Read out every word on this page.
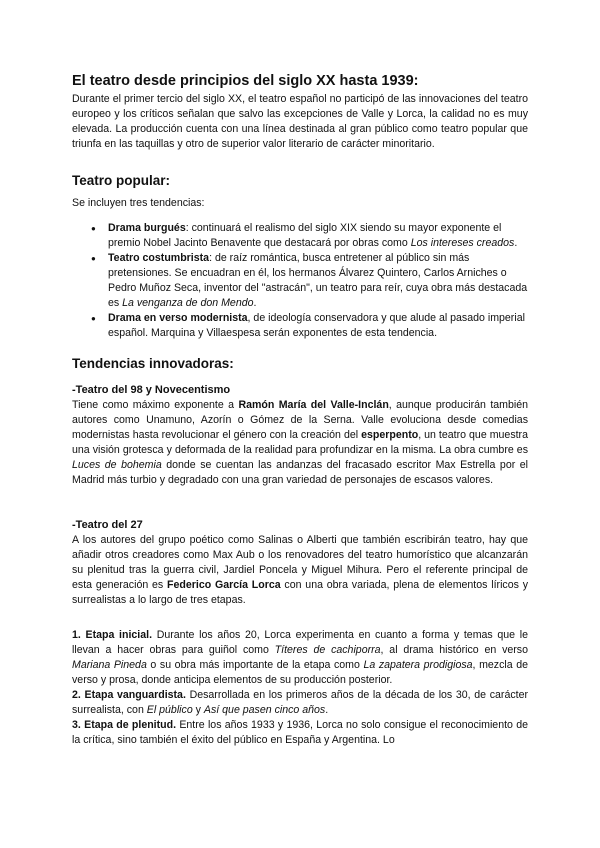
El teatro desde principios del siglo XX hasta 1939:

Durante el primer tercio del siglo XX, el teatro español no participó de las innovaciones del teatro europeo y los críticos señalan que salvo las excepciones de Valle y Lorca, la calidad no es muy elevada. La producción cuenta con una línea destinada al gran público como teatro popular que triunfa en las taquillas y otro de superior valor literario de carácter minoritario.

Teatro popular:

Se incluyen tres tendencias:

● Drama burgués: continuará el realismo del siglo XIX siendo su mayor exponente el premio Nobel Jacinto Benavente que destacará por obras como Los intereses creados.
● Teatro costumbrista: de raíz romántica, busca entretener al público sin más pretensiones. Se encuadran en él, los hermanos Álvarez Quintero, Carlos Arniches o Pedro Muñoz Seca, inventor del "astracán", un teatro para reír, cuya obra más destacada es La venganza de don Mendo.
● Drama en verso modernista, de ideología conservadora y que alude al pasado imperial español. Marquina y Villaespesa serán exponentes de esta tendencia.
Tendencias innovadoras:
-Teatro del 98 y Novecentismo

Tiene como máximo exponente a Ramón María del Valle-Inclán, aunque producirán también autores como Unamuno, Azorín o Gómez de la Serna. Valle evoluciona desde comedias modernistas hasta revolucionar el género con la creación del esperpento, un teatro que muestra una visión grotesca y deformada de la realidad para profundizar en la misma. La obra cumbre es Luces de bohemia donde se cuentan las andanzas del fracasado escritor Max Estrella por el Madrid más turbio y degradado con una gran variedad de personajes de escasos valores.

-Teatro del 27

A los autores del grupo poético como Salinas o Alberti que también escribirán teatro, hay que añadir otros creadores como Max Aub o los renovadores del teatro humorístico que alcanzarán su plenitud tras la guerra civil, Jardiel Poncela y Miguel Mihura. Pero el referente principal de esta generación es Federico García Lorca con una obra variada, plena de elementos líricos y surrealistas a lo largo de tres etapas.

1. Etapa inicial. Durante los años 20, Lorca experimenta en cuanto a forma y temas que le llevan a hacer obras para guiñol como Títeres de cachiporra, al drama histórico en verso Mariana Pineda o su obra más importante de la etapa como La zapatera prodigiosa, mezcla de verso y prosa, donde anticipa elementos de su producción posterior.

2. Etapa vanguardista. Desarrollada en los primeros años de la década de los 30, de carácter surrealista, con El público y Así que pasen cinco años.

3. Etapa de plenitud. Entre los años 1933 y 1936, Lorca no solo consigue el reconocimiento de la crítica, sino también el éxito del público en España y Argentina. Lo
